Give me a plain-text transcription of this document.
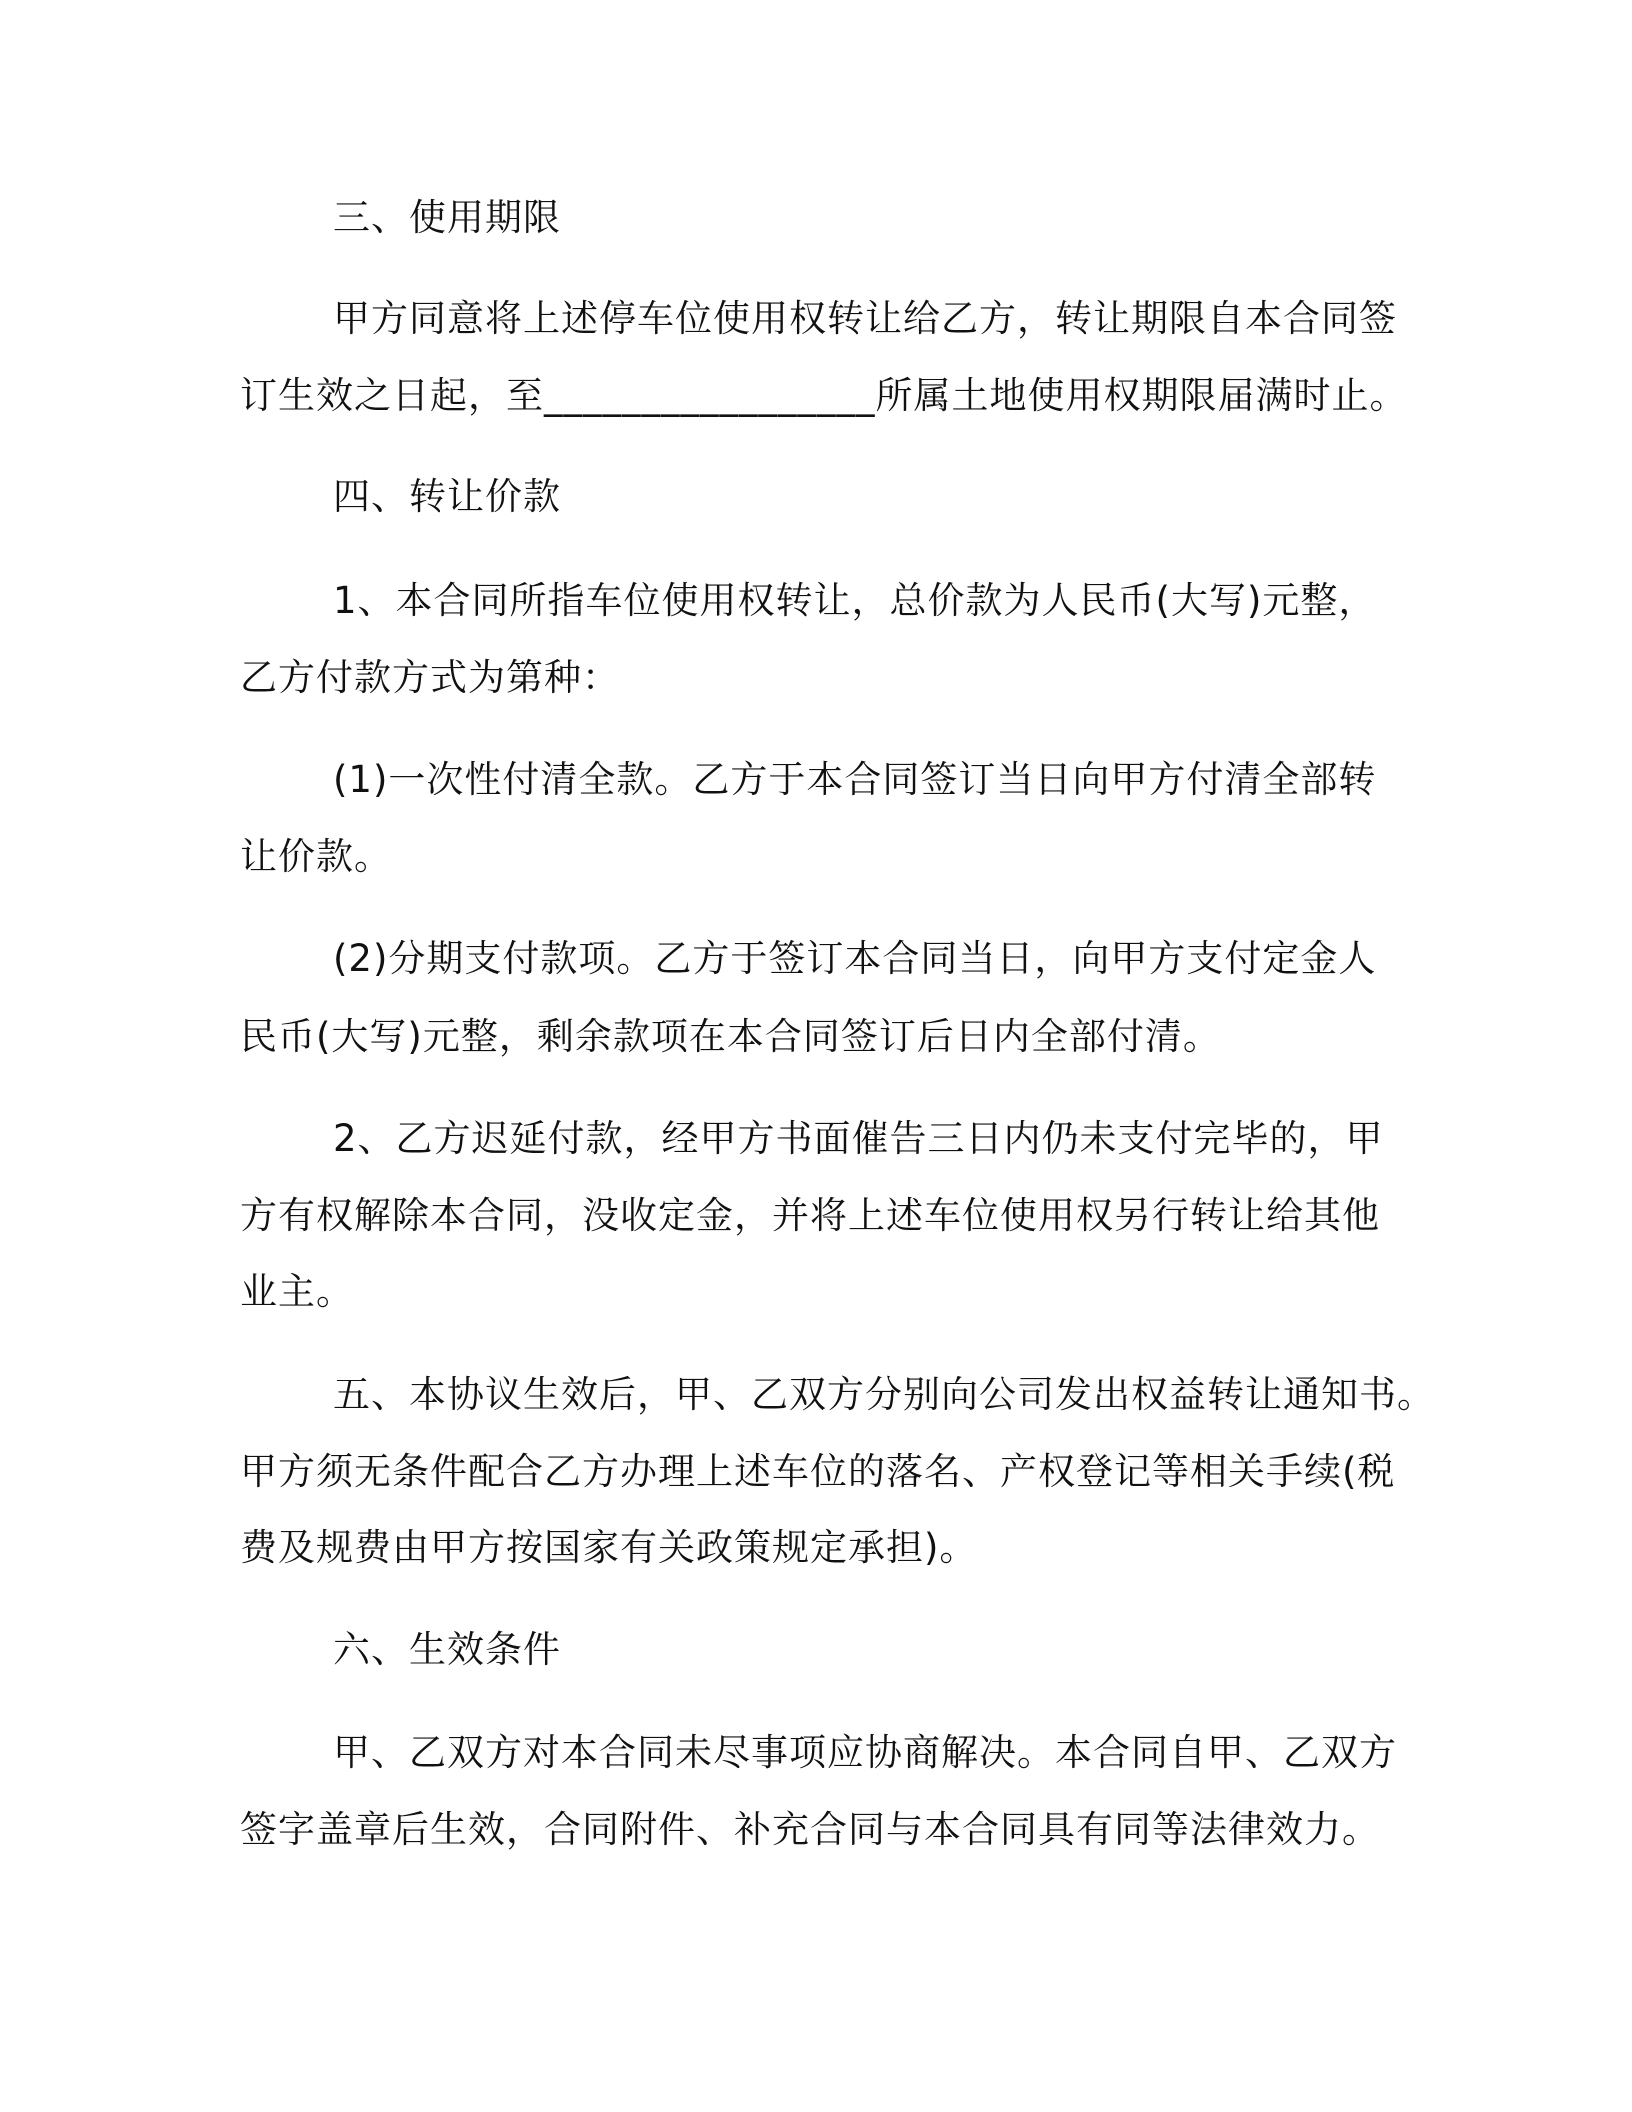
三、使用期限
甲方同意将上述停车位使用权转让给乙方，转让期限自本合同签
订生效之日起，至_________________所属土地使用权期限届满时止。
四、转让价款
1、本合同所指车位使用权转让，总价款为人民币(大写)元整，
乙方付款方式为第种：
(1)一次性付清全款。乙方于本合同签订当日向甲方付清全部转
让价款。
(2)分期支付款项。乙方于签订本合同当日，向甲方支付定金人
民币(大写)元整，剩余款项在本合同签订后日内全部付清。
2、乙方迟延付款，经甲方书面催告三日内仍未支付完毕的，甲
方有权解除本合同，没收定金，并将上述车位使用权另行转让给其他
业主。
五、本协议生效后，甲、乙双方分别向公司发出权益转让通知书。
甲方须无条件配合乙方办理上述车位的落名、产权登记等相关手续(税
费及规费由甲方按国家有关政策规定承担)。
六、生效条件
甲、乙双方对本合同未尽事项应协商解决。本合同自甲、乙双方
签字盖章后生效，合同附件、补充合同与本合同具有同等法律效力。
